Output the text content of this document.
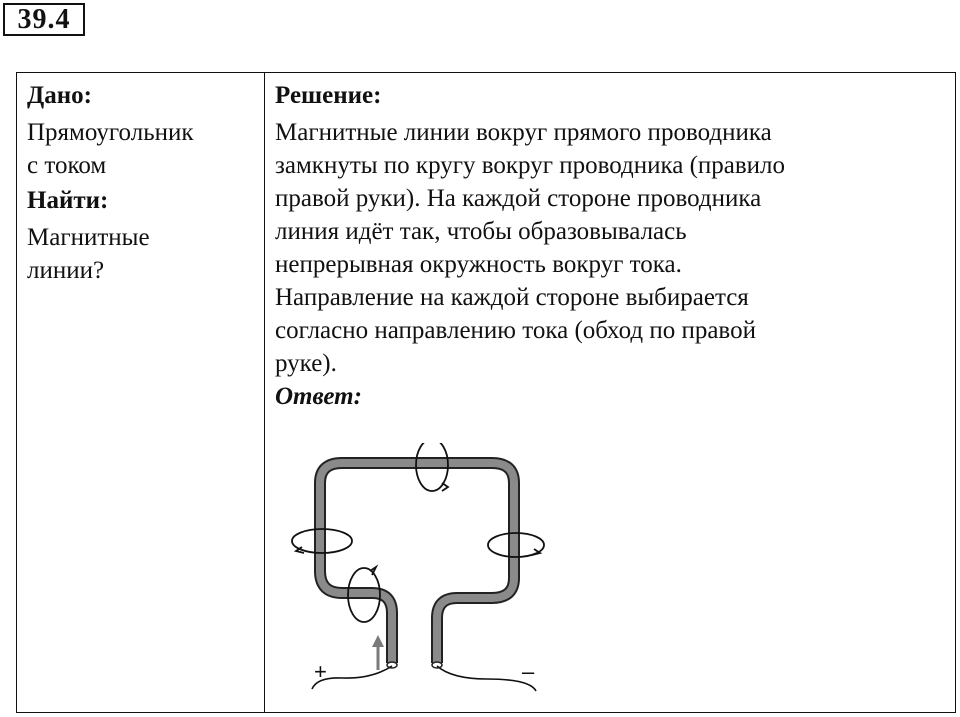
39.4
Дано:
Прямоугольник
с током
Найти:
Магнитные
линии?
Решение:
Магнитные линии вокруг прямого проводника
замкнуты по кругу вокруг проводника (правило
правой руки). На каждой стороне проводника
линия идёт так, чтобы образовывалась
непрерывная окружность вокруг тока.
Направление на каждой стороне выбирается
согласно направлению тока (обход по правой
руке).
Ответ:
+	–
